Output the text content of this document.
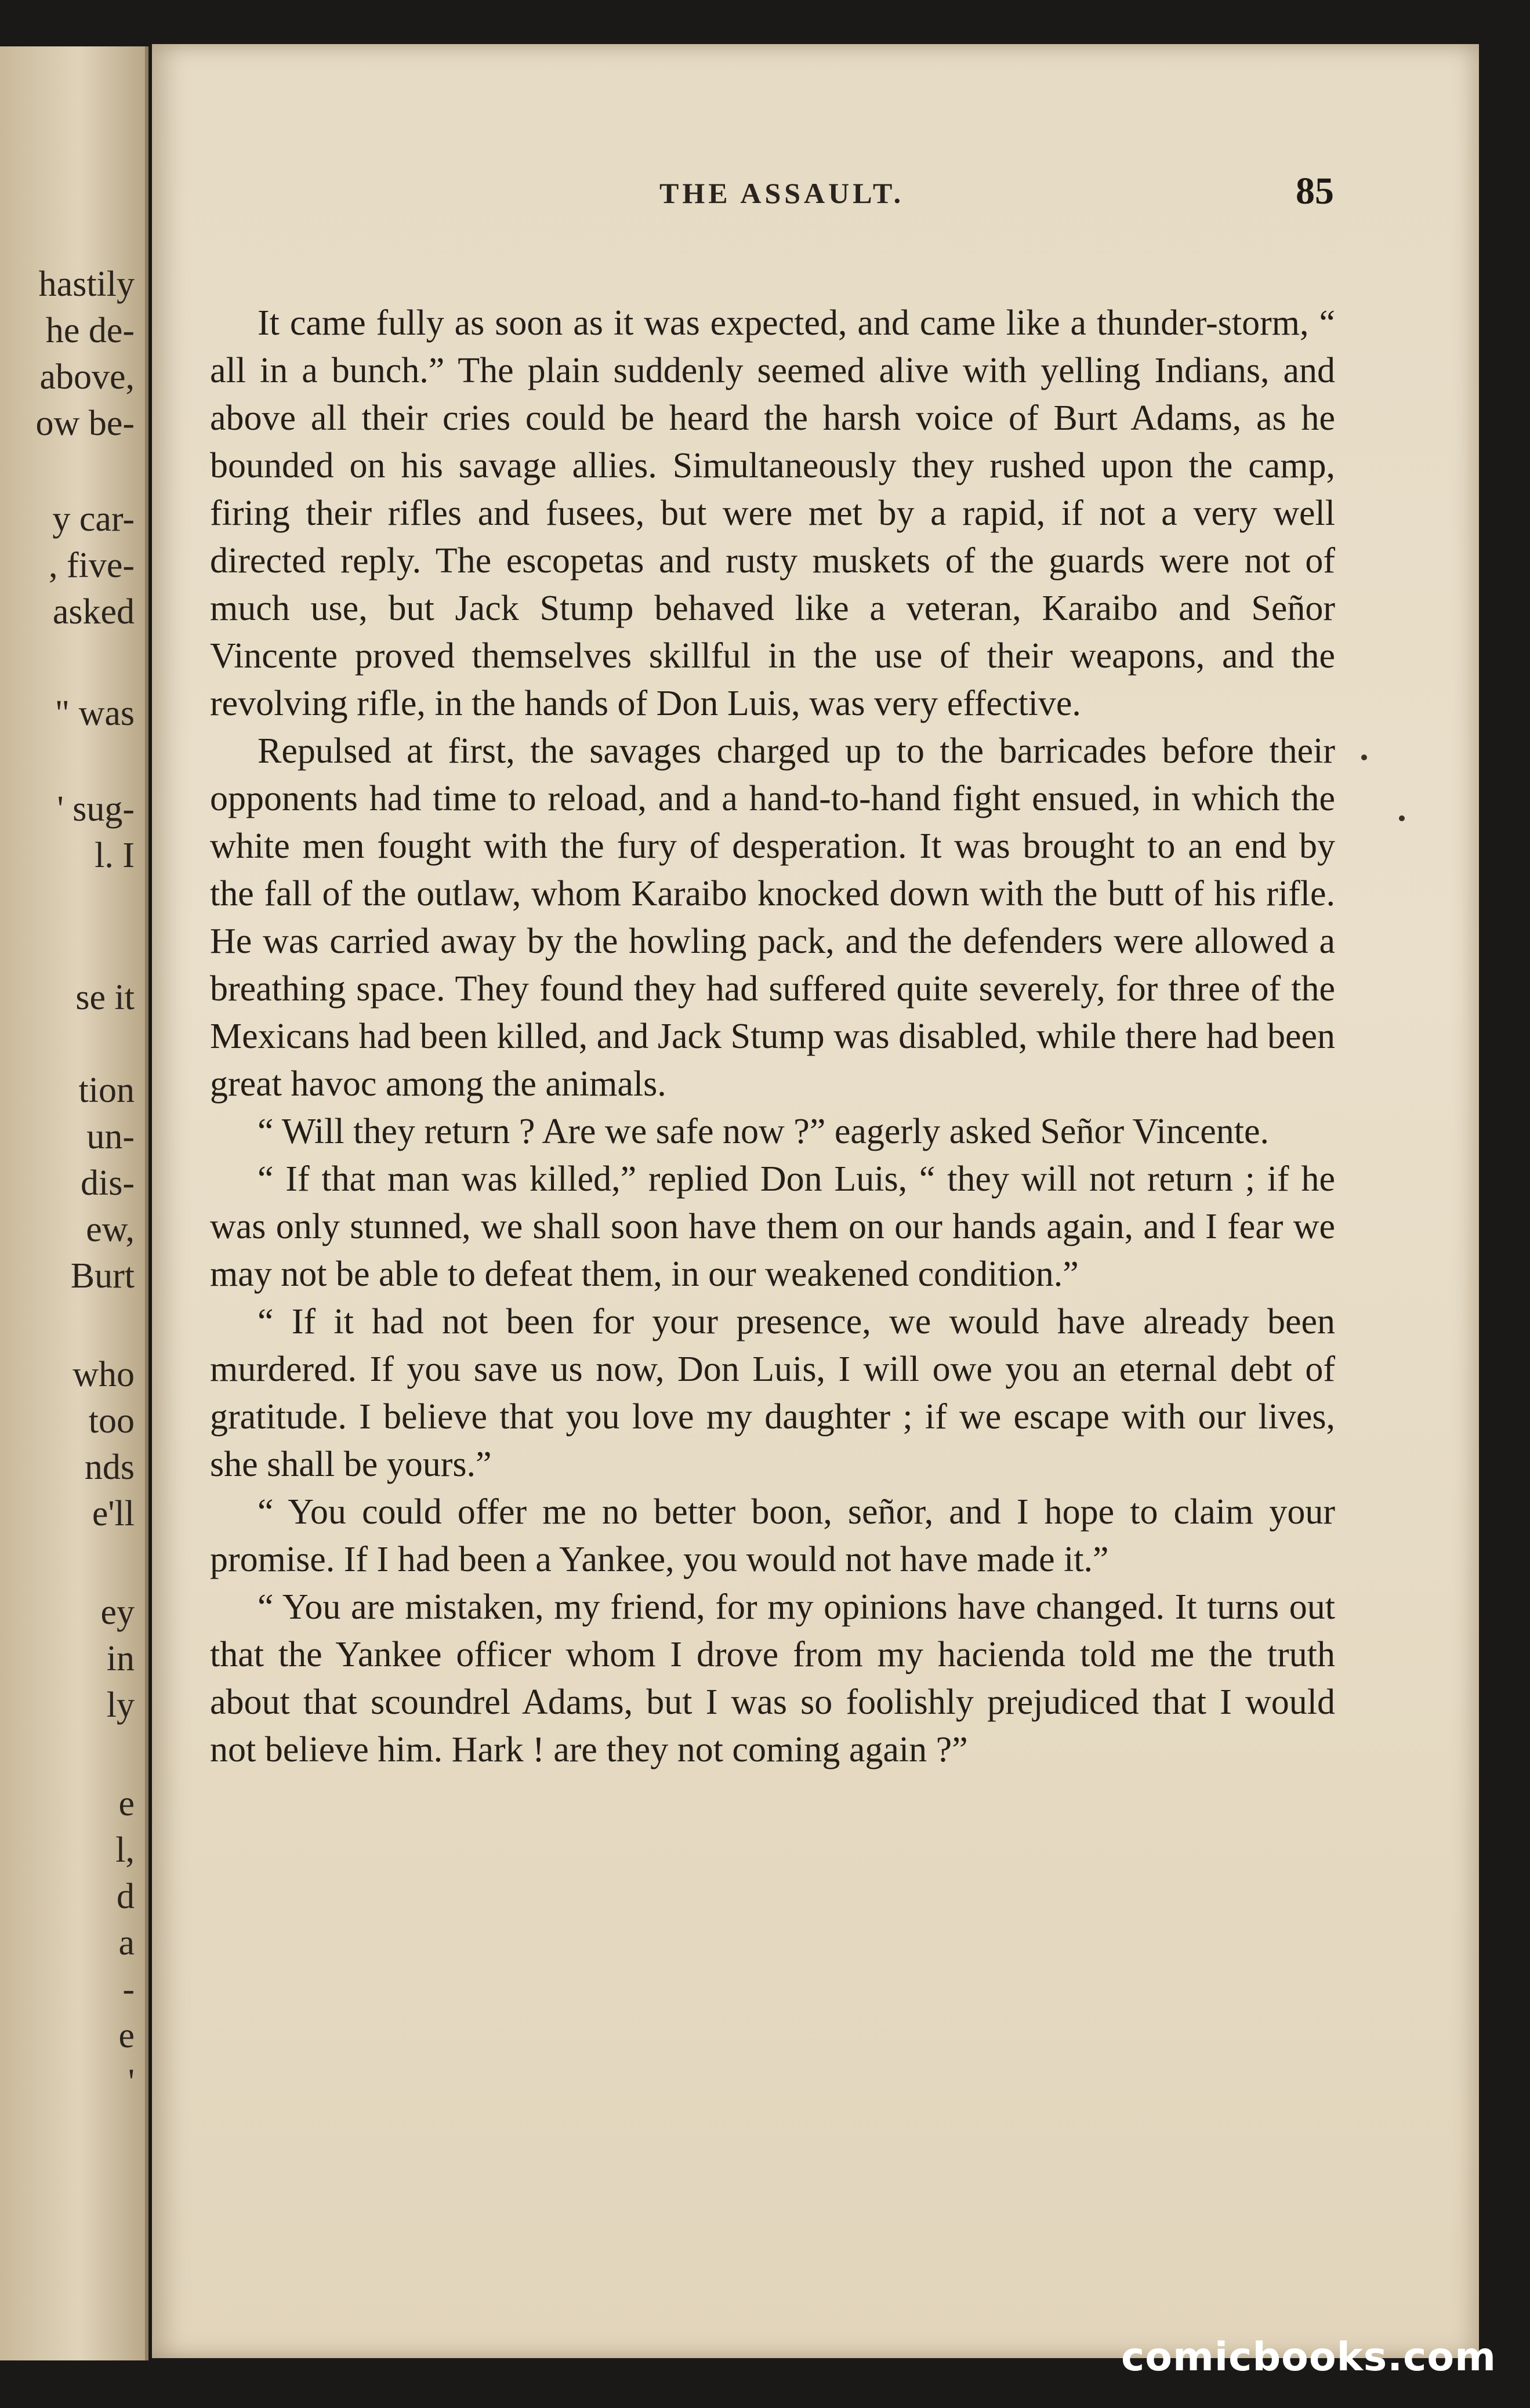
hastily
he de-
above,
ow be-
y car-
, five-
asked
" was
' sug-
l. I
se it
tion
un-
dis-
ew,
Burt
who
too
nds
e'll
ey
in
ly
e
l,
d
a
-
e
'
THE ASSAULT.	85

It came fully as soon as it was expected, and came like a thunder-storm, “ all in a bunch.” The plain suddenly seemed alive with yelling Indians, and above all their cries could be heard the harsh voice of Burt Adams, as he bounded on his savage allies. Simultaneously they rushed upon the camp, firing their rifles and fusees, but were met by a rapid, if not a very well directed reply. The escopetas and rusty muskets of the guards were not of much use, but Jack Stump behaved like a veteran, Karaibo and Señor Vincente proved themselves skillful in the use of their weapons, and the revolving rifle, in the hands of Don Luis, was very effective.

Repulsed at first, the savages charged up to the barricades before their opponents had time to reload, and a hand-to-hand fight ensued, in which the white men fought with the fury of desperation. It was brought to an end by the fall of the outlaw, whom Karaibo knocked down with the butt of his rifle. He was carried away by the howling pack, and the defenders were allowed a breathing space. They found they had suffered quite severely, for three of the Mexicans had been killed, and Jack Stump was disabled, while there had been great havoc among the animals.

“ Will they return ? Are we safe now ?” eagerly asked Señor Vincente.

“ If that man was killed,” replied Don Luis, “ they will not return ; if he was only stunned, we shall soon have them on our hands again, and I fear we may not be able to defeat them, in our weakened condition.”

“ If it had not been for your presence, we would have already been murdered. If you save us now, Don Luis, I will owe you an eternal debt of gratitude. I believe that you love my daughter ; if we escape with our lives, she shall be yours.”

“ You could offer me no better boon, señor, and I hope to claim your promise. If I had been a Yankee, you would not have made it.”

“ You are mistaken, my friend, for my opinions have changed. It turns out that the Yankee officer whom I drove from my hacienda told me the truth about that scoundrel Adams, but I was so foolishly prejudiced that I would not believe him. Hark ! are they not coming again ?”

comicbooks.com
